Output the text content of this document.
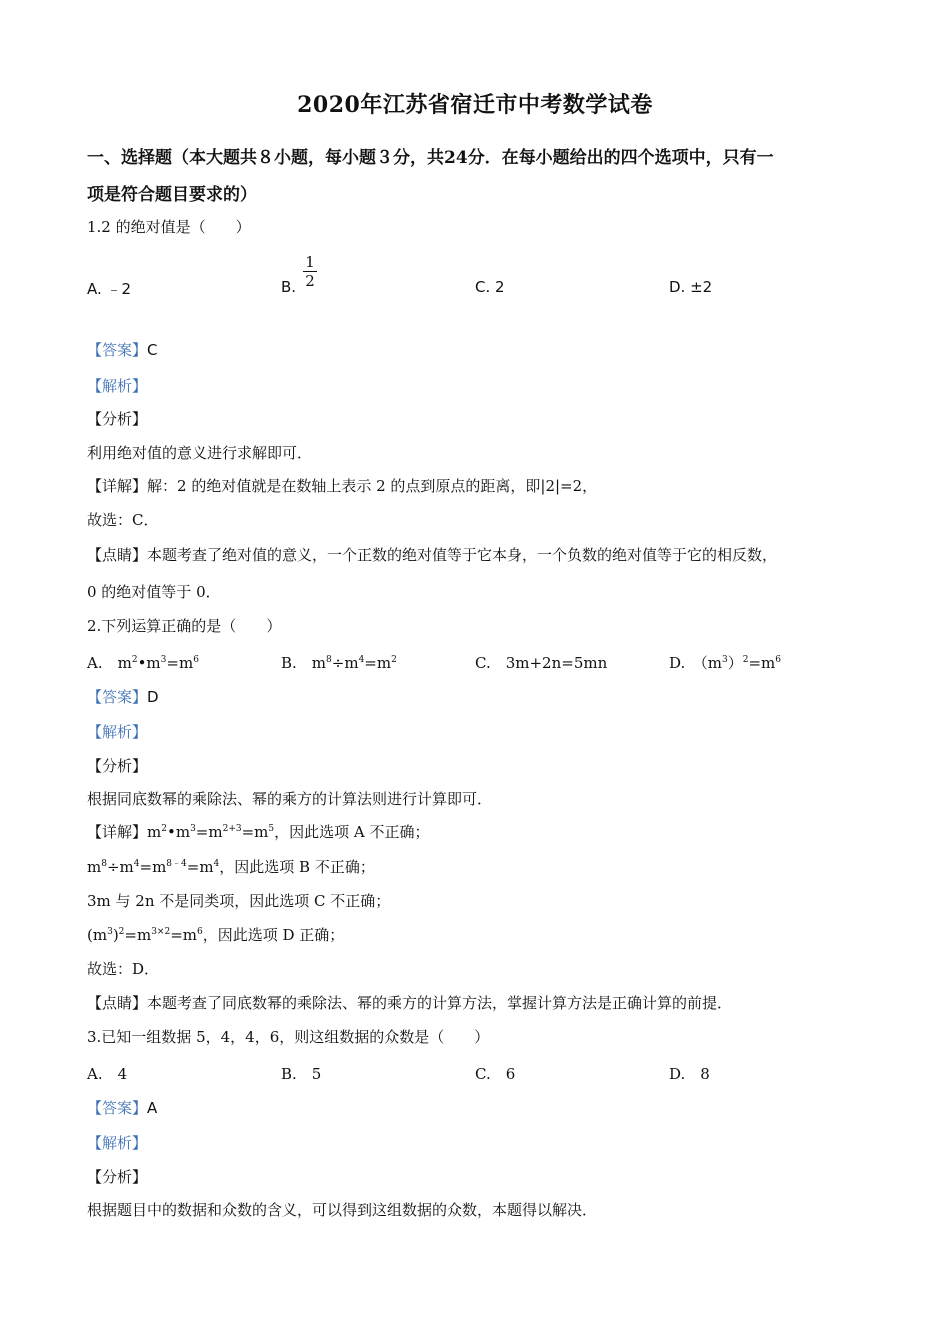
2020年江苏省宿迁市中考数学试卷
一、选择题（本大题共８小题，每小题３分，共24分．在每小题给出的四个选项中，只有一
项是符合题目要求的）
1.2 的绝对值是（　　）
A. ﹣2	B.
1
2	C. 2	D. ±2
【答案】C
【解析】
【分析】
利用绝对值的意义进行求解即可．
【详解】解：2 的绝对值就是在数轴上表示 2 的点到原点的距离，即|2|=2，
故选：C．
【点睛】本题考查了绝对值的意义，一个正数的绝对值等于它本身，一个负数的绝对值等于它的相反数，
0 的绝对值等于 0．
2.下列运算正确的是（　　）
A.　$m^2•m^3=m^6$	B.　$m^8\div m^4=m^2$	C.　3m+2n=5mn	D.　$(m^3)^2=m^6$
【答案】D
【解析】
【分析】
根据同底数幂的乘除法、幂的乘方的计算法则进行计算即可．
【详解】$m^2•m^3=m^{2+3}=m^5$，因此选项 A 不正确；
$m^8\div m^4=m^{8﹣4}=m^4$，因此选项 B 不正确；
3m 与 2n 不是同类项，因此选项 C 不正确；
$(m^3)^2=m^{3\times 2}=m^6$，因此选项 D 正确；
故选：D．
【点睛】本题考查了同底数幂的乘除法、幂的乘方的计算方法，掌握计算方法是正确计算的前提．
3.已知一组数据 5，4，4，6，则这组数据的众数是（　　）
A.　4	B.　5	C.　6	D.　8
【答案】A
【解析】
【分析】
根据题目中的数据和众数的含义，可以得到这组数据的众数，本题得以解决．
